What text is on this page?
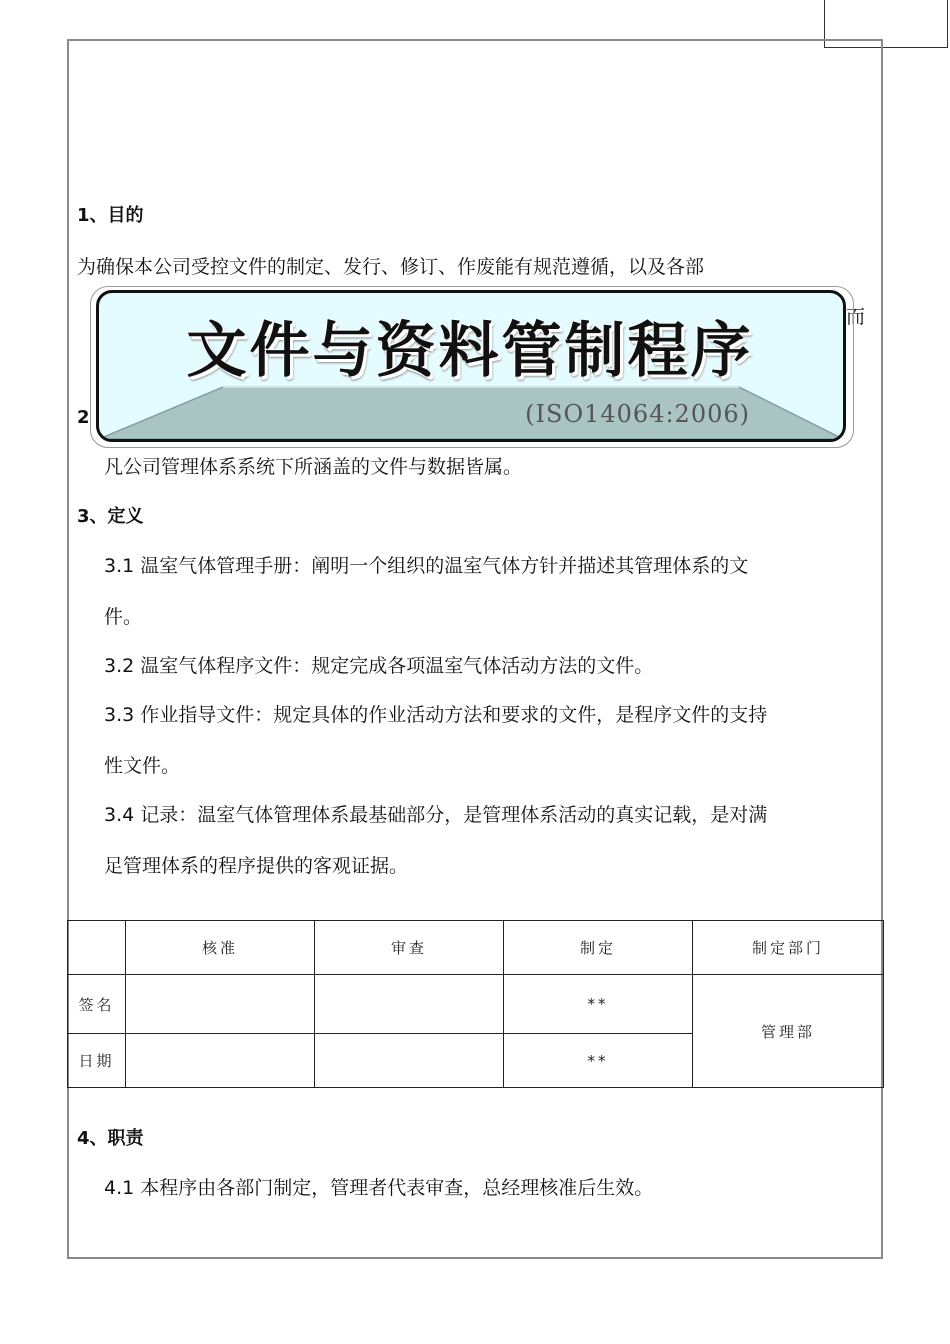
1、目的
为确保本公司受控文件的制定、发行、修订、作废能有规范遵循，以及各部
而
2
凡公司管理体系系统下所涵盖的文件与数据皆属。
文件与资料管制程序
(ISO14064:2006)
3、定义
3.1 温室气体管理手册：阐明一个组织的温室气体方针并描述其管理体系的文
件。
3.2 温室气体程序文件：规定完成各项温室气体活动方法的文件。
3.3 作业指导文件：规定具体的作业活动方法和要求的文件，是程序文件的支持
性文件。
3.4 记录：温室气体管理体系最基础部分，是管理体系活动的真实记载，是对满
足管理体系的程序提供的客观证据。
	核准	审查	制定	制定部门
签名			**	管理部
日期			**	
4、职责
4.1 本程序由各部门制定，管理者代表审查，总经理核准后生效。
